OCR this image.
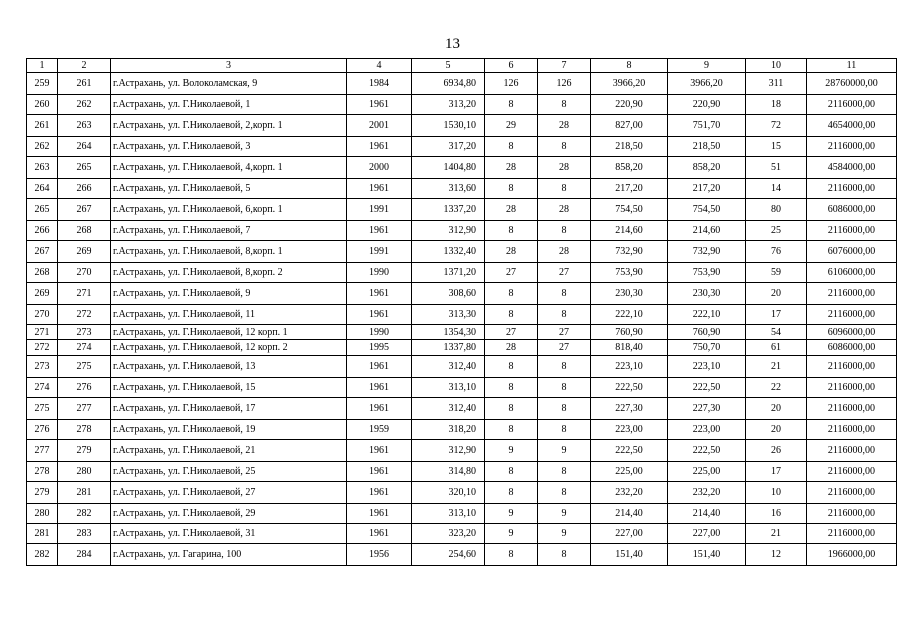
13
1	2	3	4	5	6	7	8	9	10	11
259	261	г.Астрахань, ул. Волоколамская, 9	1984	6934,80	126	126	3966,20	3966,20	311	28760000,00
260	262	г.Астрахань, ул. Г.Николаевой, 1	1961	313,20	8	8	220,90	220,90	18	2116000,00
261	263	г.Астрахань, ул. Г.Николаевой, 2,корп. 1	2001	1530,10	29	28	827,00	751,70	72	4654000,00
262	264	г.Астрахань, ул. Г.Николаевой, 3	1961	317,20	8	8	218,50	218,50	15	2116000,00
263	265	г.Астрахань, ул. Г.Николаевой, 4,корп. 1	2000	1404,80	28	28	858,20	858,20	51	4584000,00
264	266	г.Астрахань, ул. Г.Николаевой, 5	1961	313,60	8	8	217,20	217,20	14	2116000,00
265	267	г.Астрахань, ул. Г.Николаевой, 6,корп. 1	1991	1337,20	28	28	754,50	754,50	80	6086000,00
266	268	г.Астрахань, ул. Г.Николаевой, 7	1961	312,90	8	8	214,60	214,60	25	2116000,00
267	269	г.Астрахань, ул. Г.Николаевой, 8,корп. 1	1991	1332,40	28	28	732,90	732,90	76	6076000,00
268	270	г.Астрахань, ул. Г.Николаевой, 8,корп. 2	1990	1371,20	27	27	753,90	753,90	59	6106000,00
269	271	г.Астрахань, ул. Г.Николаевой, 9	1961	308,60	8	8	230,30	230,30	20	2116000,00
270	272	г.Астрахань, ул. Г.Николаевой, 11	1961	313,30	8	8	222,10	222,10	17	2116000,00
271	273	г.Астрахань, ул. Г.Николаевой, 12 корп. 1	1990	1354,30	27	27	760,90	760,90	54	6096000,00
272	274	г.Астрахань, ул. Г.Николаевой, 12 корп. 2	1995	1337,80	28	27	818,40	750,70	61	6086000,00
273	275	г.Астрахань, ул. Г.Николаевой, 13	1961	312,40	8	8	223,10	223,10	21	2116000,00
274	276	г.Астрахань, ул. Г.Николаевой, 15	1961	313,10	8	8	222,50	222,50	22	2116000,00
275	277	г.Астрахань, ул. Г.Николаевой, 17	1961	312,40	8	8	227,30	227,30	20	2116000,00
276	278	г.Астрахань, ул. Г.Николаевой, 19	1959	318,20	8	8	223,00	223,00	20	2116000,00
277	279	г.Астрахань, ул. Г.Николаевой, 21	1961	312,90	9	9	222,50	222,50	26	2116000,00
278	280	г.Астрахань, ул. Г.Николаевой, 25	1961	314,80	8	8	225,00	225,00	17	2116000,00
279	281	г.Астрахань, ул. Г.Николаевой, 27	1961	320,10	8	8	232,20	232,20	10	2116000,00
280	282	г.Астрахань, ул. Г.Николаевой, 29	1961	313,10	9	9	214,40	214,40	16	2116000,00
281	283	г.Астрахань, ул. Г.Николаевой, 31	1961	323,20	9	9	227,00	227,00	21	2116000,00
282	284	г.Астрахань, ул. Гагарина, 100	1956	254,60	8	8	151,40	151,40	12	1966000,00
